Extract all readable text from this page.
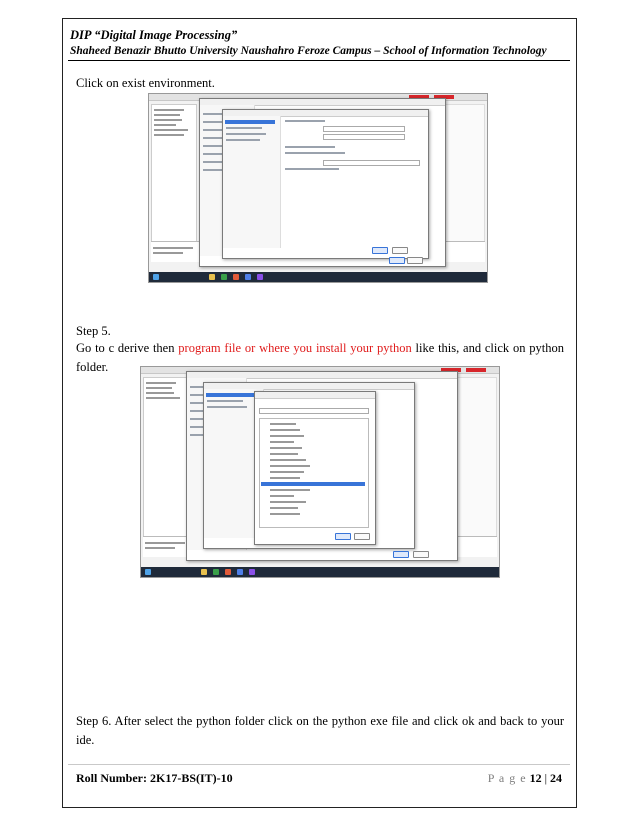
DIP “Digital Image Processing”
Shaheed Benazir Bhutto University Naushahro Feroze Campus – School of Information Technology
Click on exist environment.
Step 5.
Go to c derive then program file or where you install your python like this, and click on python folder.
Step 6. After select the python folder click on the python exe file and click ok and back to your ide.
Roll Number: 2K17-BS(IT)-10	P a g e 12 | 24
